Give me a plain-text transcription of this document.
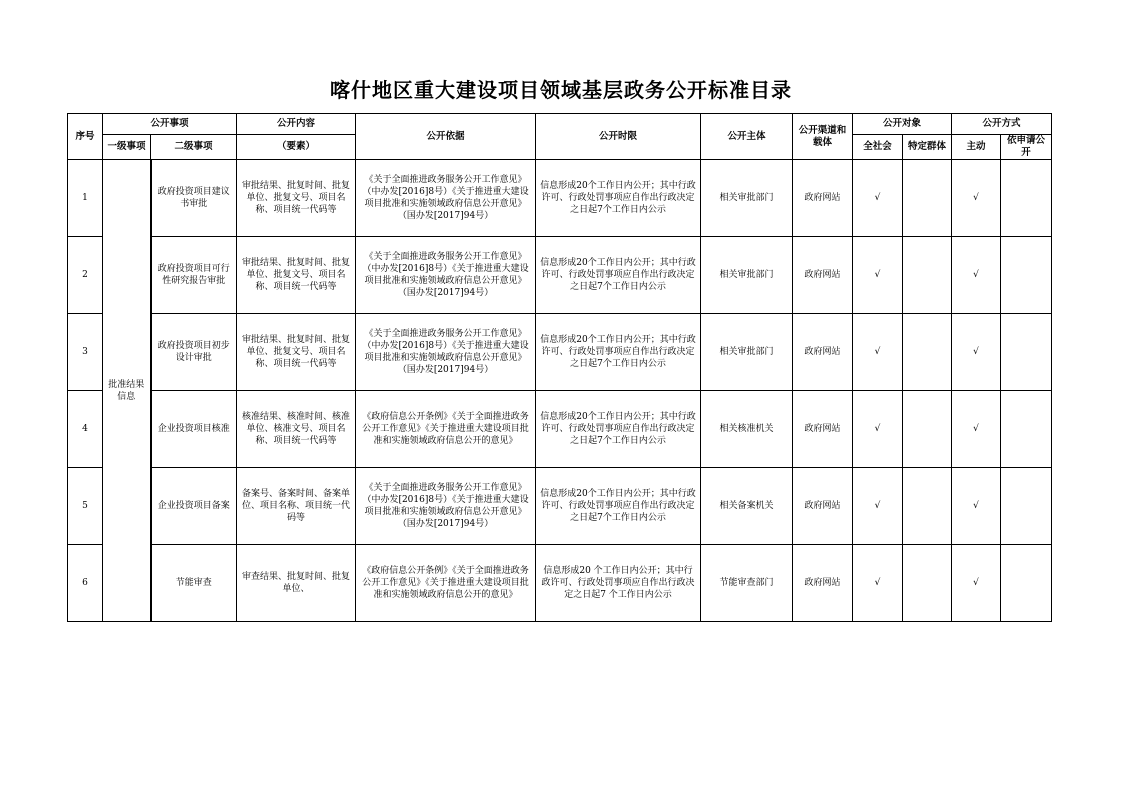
喀什地区重大建设项目领域基层政务公开标准目录
序号	公开事项		公开内容	公开依据	公开时限	公开主体	公开渠道和载体	公开对象		公开方式	
	一级事项	二级事项	（要素）					全社会	特定群体	主动	依申请公开
1	批准结果信息	政府投资项目建议书审批	审批结果、批复时间、批复单位、批复文号、项目名称、项目统一代码等	《关于全面推进政务服务公开工作意见》（中办发[2016]8号）《关于推进重大建设项目批准和实施领域政府信息公开意见》（国办发[2017]94号）	信息形成20个工作日内公开；其中行政许可、行政处罚事项应自作出行政决定之日起7个工作日内公示	相关审批部门	政府网站	√		√	
2		政府投资项目可行性研究报告审批	审批结果、批复时间、批复单位、批复文号、项目名称、项目统一代码等	《关于全面推进政务服务公开工作意见》（中办发[2016]8号）《关于推进重大建设项目批准和实施领域政府信息公开意见》（国办发[2017]94号）	信息形成20个工作日内公开；其中行政许可、行政处罚事项应自作出行政决定之日起7个工作日内公示	相关审批部门	政府网站	√		√	
3		政府投资项目初步设计审批	审批结果、批复时间、批复单位、批复文号、项目名称、项目统一代码等	《关于全面推进政务服务公开工作意见》（中办发[2016]8号）《关于推进重大建设项目批准和实施领域政府信息公开意见》（国办发[2017]94号）	信息形成20个工作日内公开；其中行政许可、行政处罚事项应自作出行政决定之日起7个工作日内公示	相关审批部门	政府网站	√		√	
4		企业投资项目核准	核准结果、核准时间、核准单位、核准文号、项目名称、项目统一代码等	《政府信息公开条例》《关于全面推进政务公开工作意见》《关于推进重大建设项目批准和实施领域政府信息公开的意见》	信息形成20个工作日内公开；其中行政许可、行政处罚事项应自作出行政决定之日起7个工作日内公示	相关核准机关	政府网站	√		√	
5		企业投资项目备案	备案号、备案时间、备案单位、项目名称、项目统一代码等	《关于全面推进政务服务公开工作意见》（中办发[2016]8号）《关于推进重大建设项目批准和实施领域政府信息公开意见》（国办发[2017]94号）	信息形成20个工作日内公开；其中行政许可、行政处罚事项应自作出行政决定之日起7个工作日内公示	相关备案机关	政府网站	√		√	
6		节能审查	审查结果、批复时间、批复单位、	《政府信息公开条例》《关于全面推进政务公开工作意见》《关于推进重大建设项目批准和实施领域政府信息公开的意见》	信息形成20 个工作日内公开；其中行政许可、行政处罚事项应自作出行政决定之日起7 个工作日内公示	节能审查部门	政府网站	√		√	
